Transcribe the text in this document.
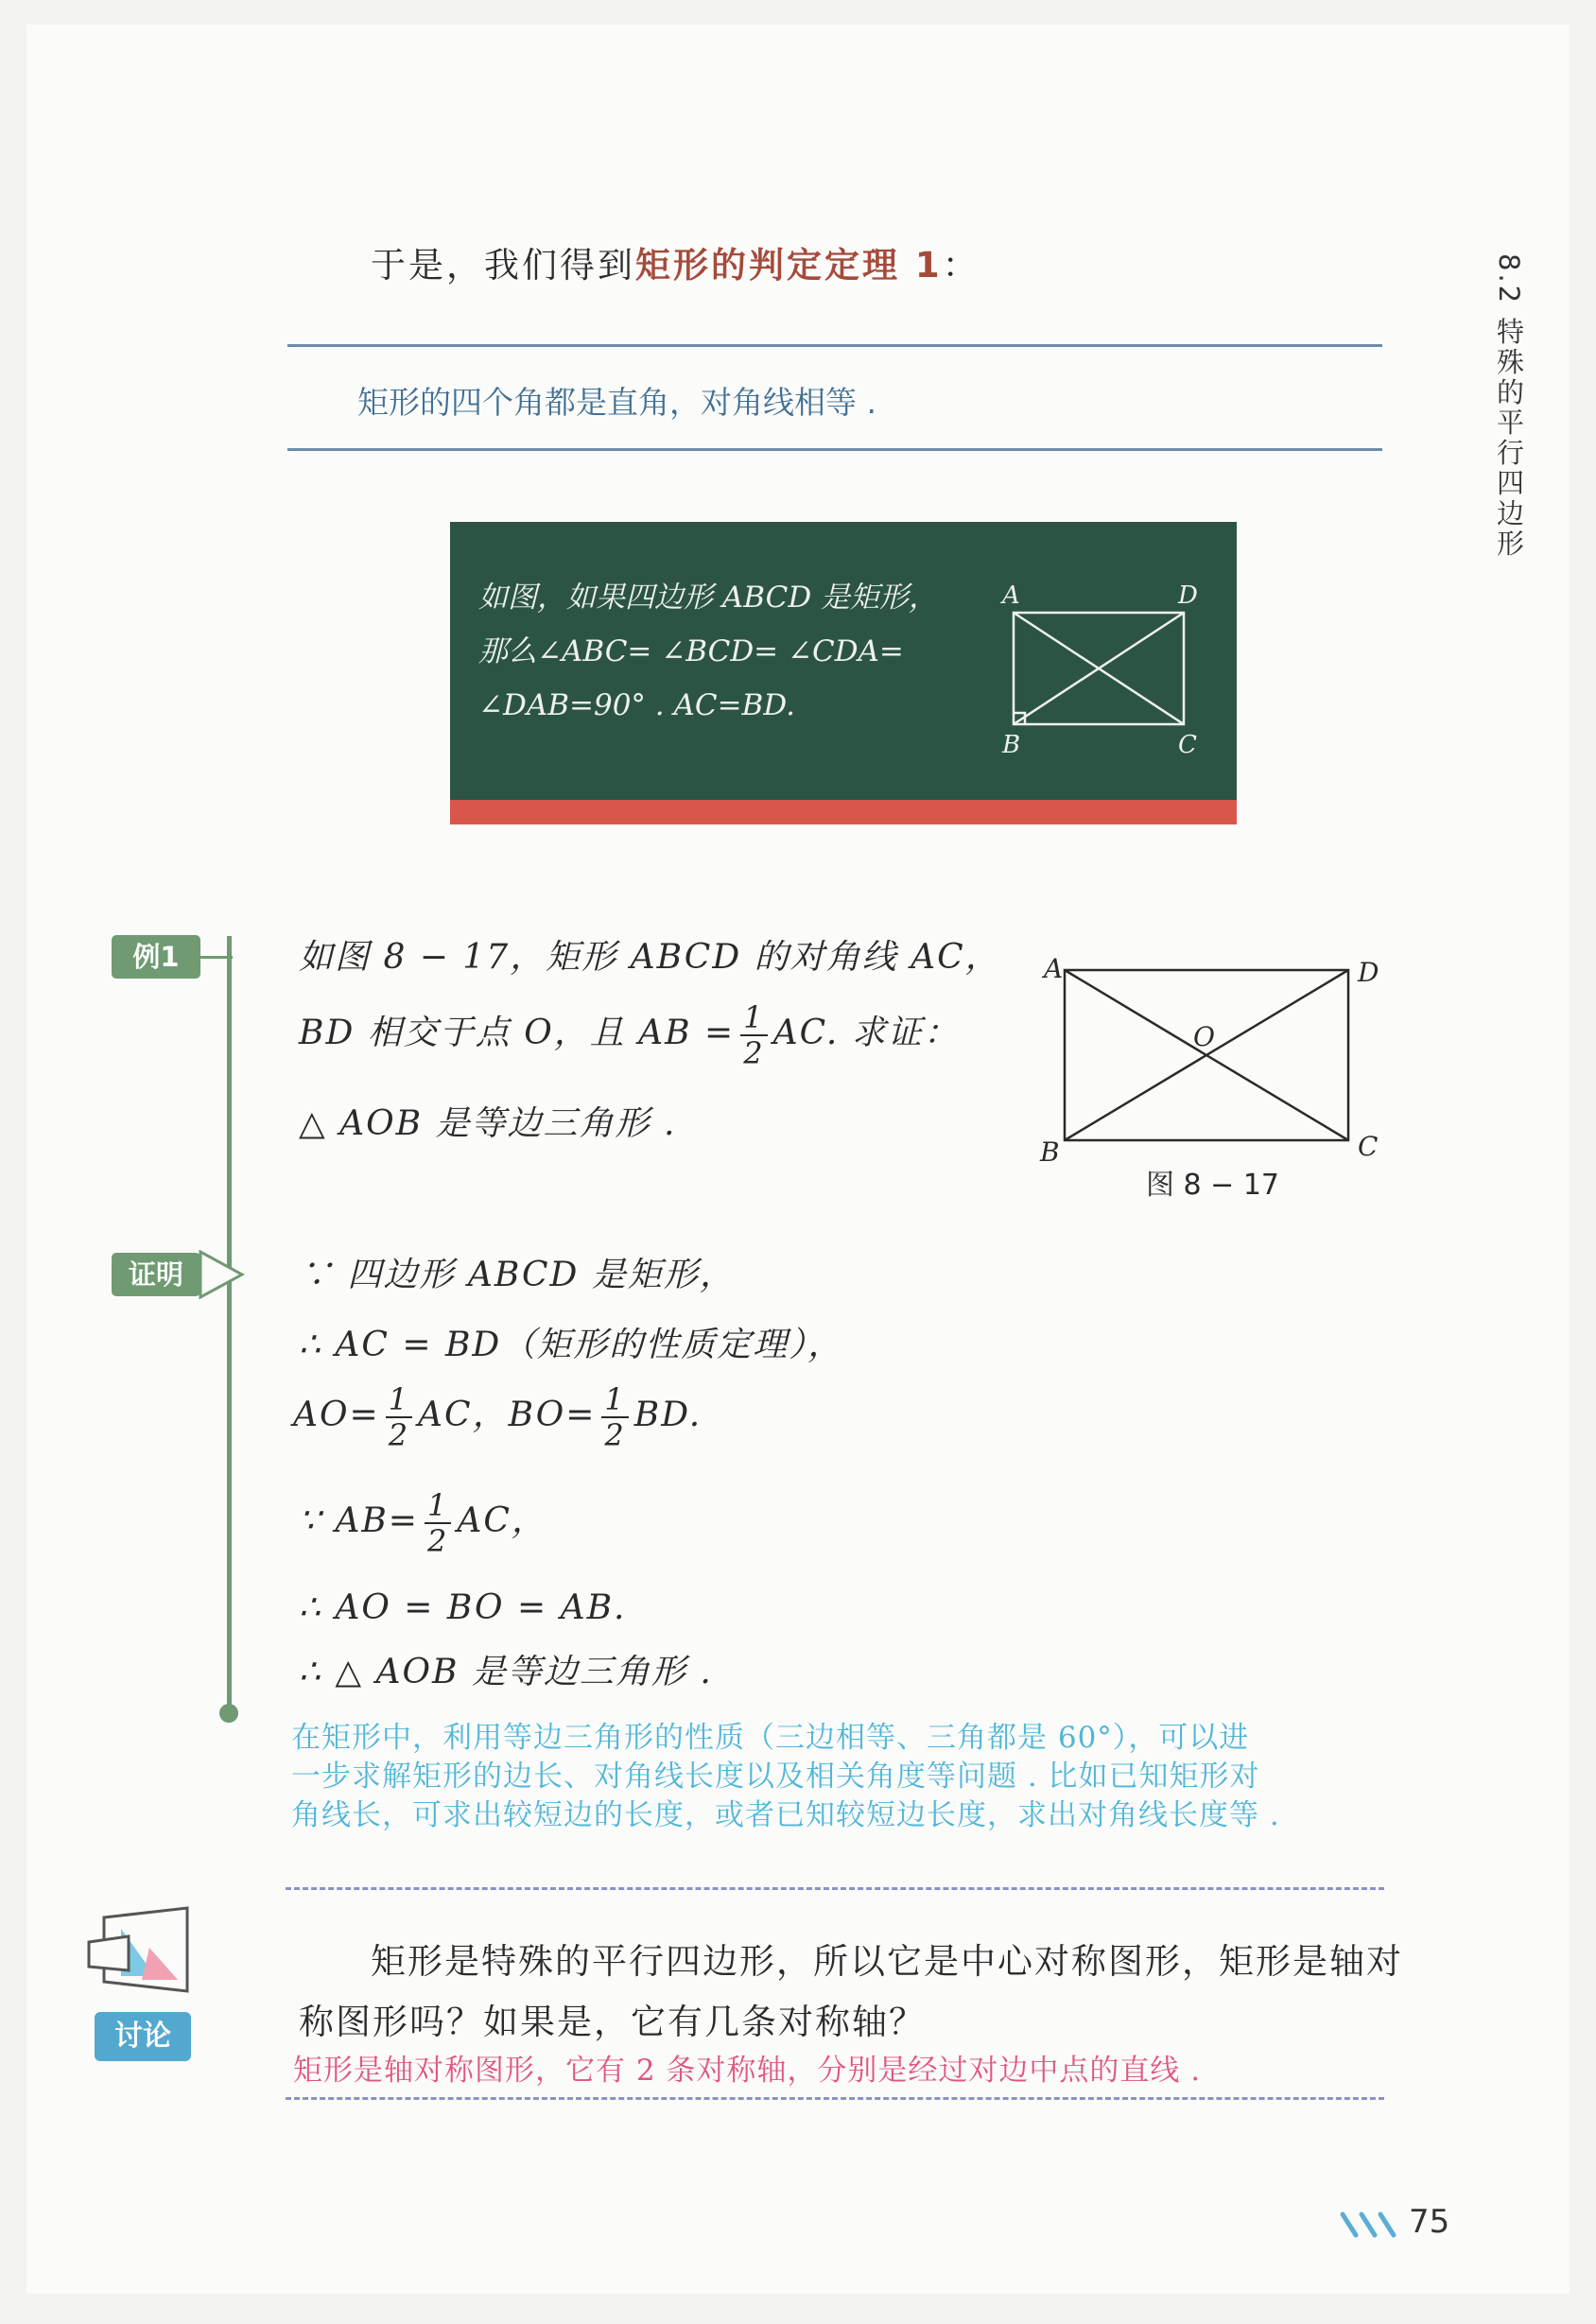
8.2 特殊的平行四边形
于是，我们得到矩形的判定定理 1：
矩形的四个角都是直角，对角线相等 .
如图，如果四边形 ABCD 是矩形，
那么∠ABC= ∠BCD= ∠CDA=
∠DAB=90° . AC=BD.
A	D
B	C
例1	如图 8 − 17，矩形 ABCD 的对角线 AC，
BD 相交于点 O，且 AB = $\frac{1}{2}$ AC. 求证：
△ AOB 是等边三角形 .
A	D
B	C
O
图 8 − 17
证明	∵ 四边形 ABCD 是矩形，
∴ AC = BD（矩形的性质定理），
$AO= \frac{1}{2}$ AC，$BO= \frac{1}{2}$ BD.
∵ $AB= \frac{1}{2}$ AC，
∴ AO = BO = AB.
∴ △ AOB 是等边三角形 .
在矩形中，利用等边三角形的性质（三边相等、三角都是 60°），可以进
一步求解矩形的边长、对角线长度以及相关角度等问题 . 比如已知矩形对
角线长，可求出较短边的长度，或者已知较短边长度，求出对角线长度等 .
讨论
矩形是特殊的平行四边形，所以它是中心对称图形，矩形是轴对
称图形吗？如果是，它有几条对称轴？
矩形是轴对称图形，它有 2 条对称轴，分别是经过对边中点的直线 .
75
